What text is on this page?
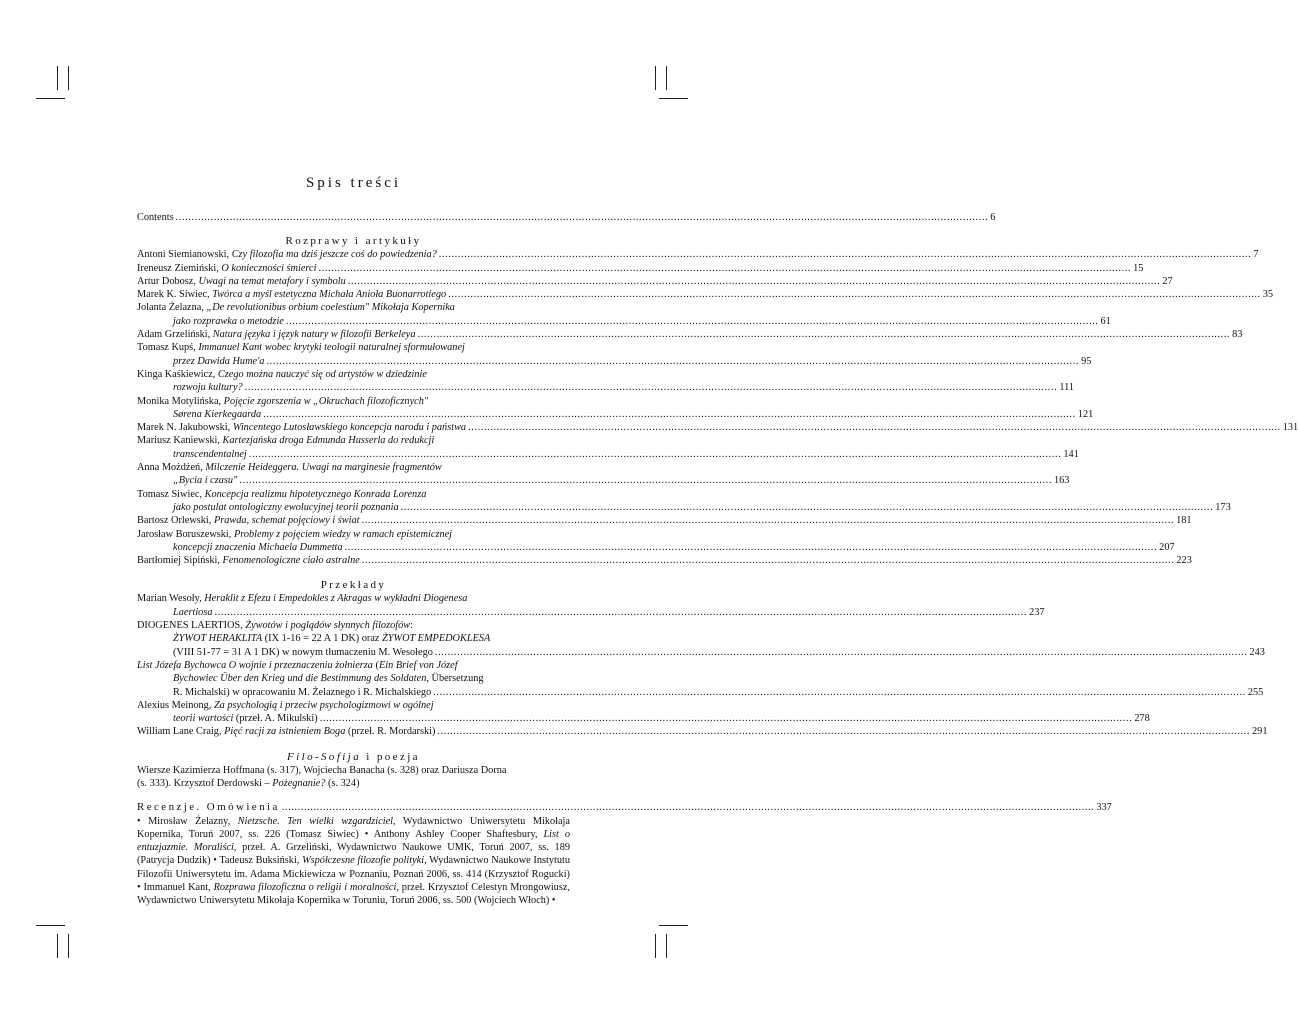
Spis treści
Contents .....	6
Rozprawy i artykuły
Antoni Siemianowski, Czy filozofia ma dziś jeszcze coś do powiedzenia? .....	7
Ireneusz Ziemiński, O konieczności śmierci .....	15
Artur Dobosz, Uwagi na temat metafory i symbolu .....	27
Marek K. Siwiec, Twórca a myśl estetyczna Michała Anioła Buonarrotiego .....	35
Jolanta Żelazna, „De revolutionibus orbium coelestium" Mikołaja Kopernika
jako rozprawka o metodzie .....	61
Adam Grzeliński, Natura języka i język natury w filozofii Berkeleya .....	83
Tomasz Kupś, Immanuel Kant wobec krytyki teologii naturalnej sformułowanej
przez Dawida Hume'a .....	95
Kinga Kaśkiewicz, Czego można nauczyć się od artystów w dziedzinie
rozwoju kultury? .....	111
Monika Motylińska, Pojęcie zgorszenia w „Okruchach filozoficznych"
Sørena Kierkegaarda .....	121
Marek N. Jakubowski, Wincentego Lutosławskiego koncepcja narodu i państwa .....	131
Mariusz Kaniewski, Kartezjańska droga Edmunda Husserla do redukcji
transcendentalnej .....	141
Anna Możdżeń, Milczenie Heideggera. Uwagi na marginesie fragmentów
„Bycia i czasu" .....	163
Tomasz Siwiec, Koncepcja realizmu hipotetycznego Konrada Lorenza
jako postulat ontologiczny ewolucyjnej teorii poznania .....	173
Bartosz Orlewski, Prawda, schemat pojęciowy i świat .....	181
Jarosław Boruszewski, Problemy z pojęciem wiedzy w ramach epistemicznej
koncepcji znaczenia Michaela Dummetta .....	207
Bartłomiej Sipiński, Fenomenologiczne ciało astralne .....	223
Przekłady
Marian Wesoły, Heraklit z Efezu i Empedokles z Akragas w wykładni Diogenesa
Laertiosa .....	237
DIOGENES LAERTIOS, Żywotów i poglądów słynnych filozofów:
ŻYWOT HERAKLITA (IX 1-16 = 22 A 1 DK) oraz ŻYWOT EMPEDOKLESA
(VIII 51-77 = 31 A 1 DK) w nowym tłumaczeniu M. Wesołego .....	243
List Józefa Bychowca O wojnie i przeznaczeniu żołnierza (Ein Brief von Józef
Bychowiec Über den Krieg und die Bestimmung des Soldaten, Übersetzung
R. Michalski) w opracowaniu M. Żelaznego i R. Michalskiego .....	255
Alexius Meinong, Za psychologią i przeciw psychologizmowi w ogólnej
teorii wartości (przeł. A. Mikulski) .....	278
William Lane Craig, Pięć racji za istnieniem Boga (przeł. R. Mordarski) .....	291
Filo-Sofija i poezja
Wiersze Kazimierza Hoffmana (s. 317), Wojciecha Banacha (s. 328) oraz Dariusza Dorna
(s. 333). Krzysztof Derdowski – Pożegnanie? (s. 324)
Recenzje. Omówienia .....	337
• Mirosław Żelazny, Nietzsche. Ten wielki wzgardziciel, Wydawnictwo Uniwersytetu Mikołaja Kopernika, Toruń 2007, ss. 226 (Tomasz Siwiec) • Anthony Ashley Cooper Shaftesbury, List o entuzjazmie. Moraliści, przeł. A. Grzeliński, Wydawnictwo Naukowe UMK, Toruń 2007, ss. 189 (Patrycja Dudzik) • Tadeusz Buksiński, Współczesne filozofie polityki, Wydawnictwo Naukowe Instytutu Filozofii Uniwersytetu im. Adama Mickiewicza w Poznaniu, Poznań 2006, ss. 414 (Krzysztof Rogucki) • Immanuel Kant, Rozprawa filozoficzna o religii i moralności, przeł. Krzysztof Celestyn Mrongowiusz, Wydawnictwo Uniwersytetu Mikołaja Kopernika w Toruniu, Toruń 2006, ss. 500 (Wojciech Włoch) •
